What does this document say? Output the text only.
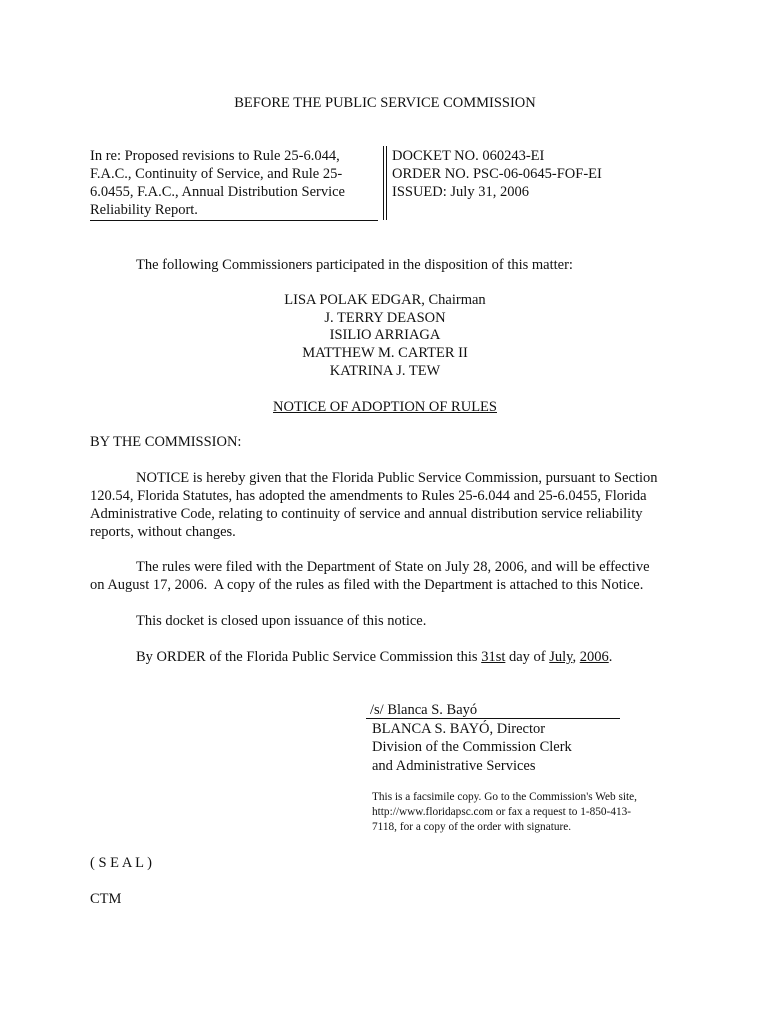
BEFORE THE PUBLIC SERVICE COMMISSION
In re: Proposed revisions to Rule 25-6.044,
F.A.C., Continuity of Service, and Rule 25-
6.0455, F.A.C., Annual Distribution Service
Reliability Report.
DOCKET NO. 060243-EI
ORDER NO. PSC-06-0645-FOF-EI
ISSUED: July 31, 2006
The following Commissioners participated in the disposition of this matter:
LISA POLAK EDGAR, Chairman
J. TERRY DEASON
ISILIO ARRIAGA
MATTHEW M. CARTER II
KATRINA J. TEW
NOTICE OF ADOPTION OF RULES
BY THE COMMISSION:
NOTICE is hereby given that the Florida Public Service Commission, pursuant to Section
120.54, Florida Statutes, has adopted the amendments to Rules 25-6.044 and 25-6.0455, Florida
Administrative Code, relating to continuity of service and annual distribution service reliability
reports, without changes.
The rules were filed with the Department of State on July 28, 2006, and will be effective
on August 17, 2006.  A copy of the rules as filed with the Department is attached to this Notice.
This docket is closed upon issuance of this notice.
By ORDER of the Florida Public Service Commission this 31st day of July, 2006.
/s/ Blanca S. Bayó
BLANCA S. BAYÓ, Director
Division of the Commission Clerk
and Administrative Services
This is a facsimile copy. Go to the Commission's Web site,
http://www.floridapsc.com or fax a request to 1-850-413-
7118, for a copy of the order with signature.
( S E A L )
CTM
